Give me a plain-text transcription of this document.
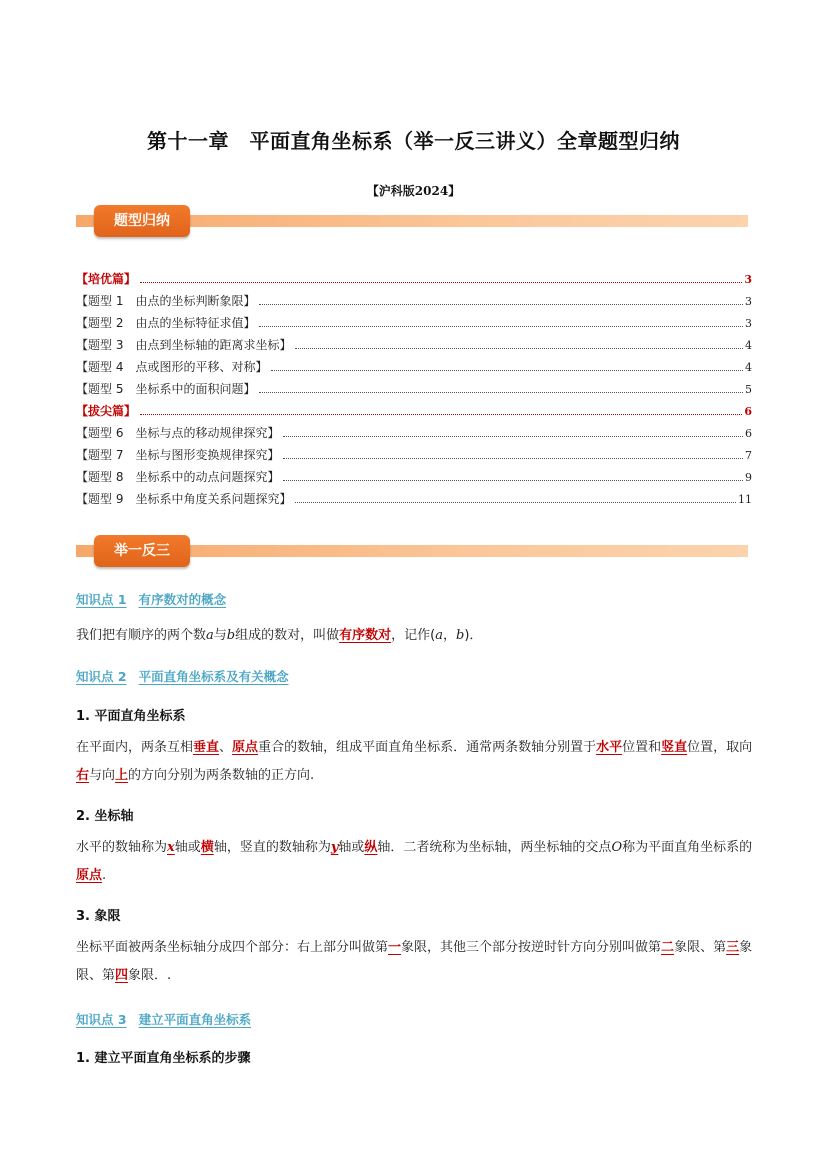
第十一章　平面直角坐标系（举一反三讲义）全章题型归纳
【沪科版2024】
题型归纳
【培优篇】	3
【题型 1　由点的坐标判断象限】	3
【题型 2　由点的坐标特征求值】	3
【题型 3　由点到坐标轴的距离求坐标】	4
【题型 4　点或图形的平移、对称】	4
【题型 5　坐标系中的面积问题】	5
【拔尖篇】	6
【题型 6　坐标与点的移动规律探究】	6
【题型 7　坐标与图形变换规律探究】	7
【题型 8　坐标系中的动点问题探究】	9
【题型 9　坐标系中角度关系问题探究】	11
举一反三
知识点 1 有序数对的概念
我们把有顺序的两个数a与b组成的数对，叫做有序数对，记作(a，b)．
知识点 2 平面直角坐标系及有关概念
1. 平面直角坐标系
在平面内，两条互相垂直、原点重合的数轴，组成平面直角坐标系．通常两条数轴分别置于水平位置和竖直位置，取向右与向上的方向分别为两条数轴的正方向.
2. 坐标轴
水平的数轴称为x轴或横轴，竖直的数轴称为y轴或纵轴．二者统称为坐标轴，两坐标轴的交点O称为平面直角坐标系的原点.
3. 象限
坐标平面被两条坐标轴分成四个部分：右上部分叫做第一象限，其他三个部分按逆时针方向分别叫做第二象限、第三象限、第四象限．.
知识点 3 建立平面直角坐标系
1. 建立平面直角坐标系的步骤
